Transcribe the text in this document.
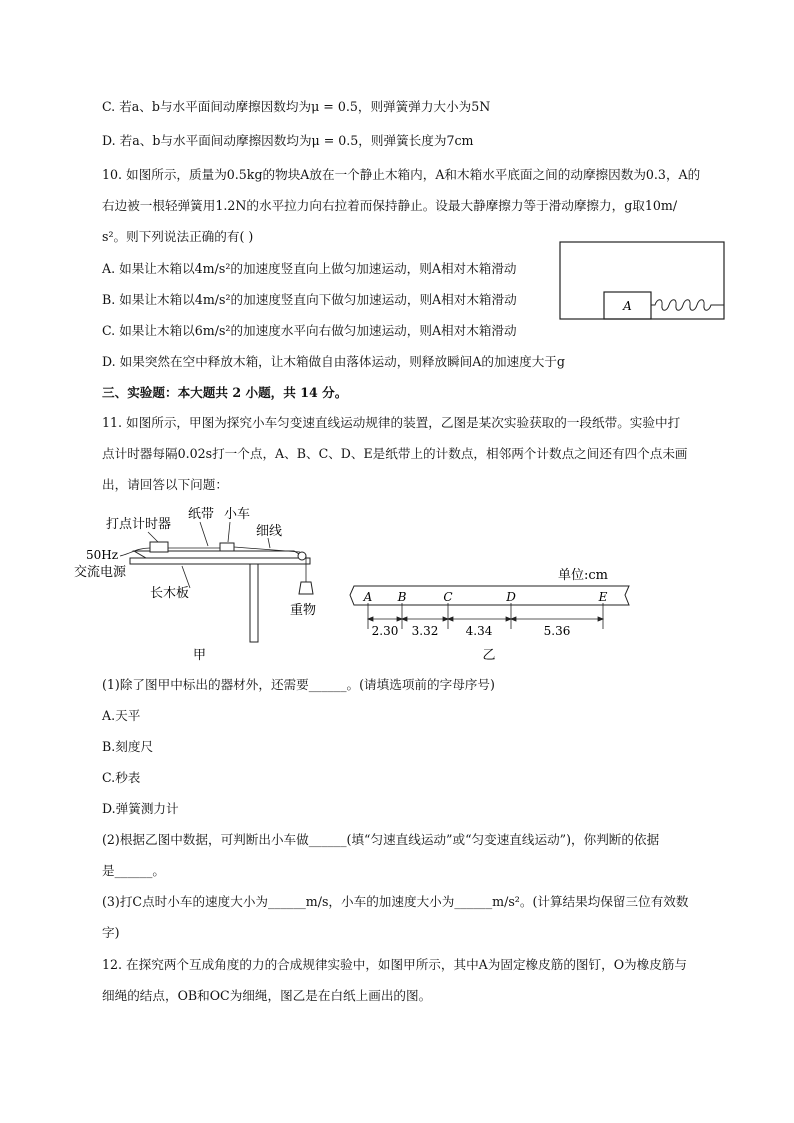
C. 若a、b与水平面间动摩擦因数均为μ = 0.5，则弹簧弹力大小为5N
D. 若a、b与水平面间动摩擦因数均为μ = 0.5，则弹簧长度为7cm
10. 如图所示，质量为0.5kg的物块A放在一个静止木箱内，A和木箱水平底面之间的动摩擦因数为0.3，A的
右边被一根轻弹簧用1.2N的水平拉力向右拉着而保持静止。设最大静摩擦力等于滑动摩擦力，g取10m/
s²。则下列说法正确的有( )
A. 如果让木箱以4m/s²的加速度竖直向上做匀加速运动，则A相对木箱滑动
B. 如果让木箱以4m/s²的加速度竖直向下做匀加速运动，则A相对木箱滑动
C. 如果让木箱以6m/s²的加速度水平向右做匀加速运动，则A相对木箱滑动
D. 如果突然在空中释放木箱，让木箱做自由落体运动，则释放瞬间A的加速度大于g
A
三、实验题：本大题共 2 小题，共 14 分。
11. 如图所示，甲图为探究小车匀变速直线运动规律的装置，乙图是某次实验获取的一段纸带。实验中打
点计时器每隔0.02s打一个点，A、B、C、D、E是纸带上的计数点，相邻两个计数点之间还有四个点未画
出，请回答以下问题：
打点计时器
纸带 小车
细线
50Hz
交流电源
长木板
重物
甲
单位:cm
A B	C	D	E
2.30 3.32 4.34	5.36
乙
(1)除了图甲中标出的器材外，还需要______。(请填选项前的字母序号)
A.天平
B.刻度尺
C.秒表
D.弹簧测力计
(2)根据乙图中数据，可判断出小车做______(填“匀速直线运动”或“匀变速直线运动”)，你判断的依据
是______。
(3)打C点时小车的速度大小为______m/s，小车的加速度大小为______m/s²。(计算结果均保留三位有效数
字)
12. 在探究两个互成角度的力的合成规律实验中，如图甲所示，其中A为固定橡皮筋的图钉，O为橡皮筋与
细绳的结点，OB和OC为细绳，图乙是在白纸上画出的图。
